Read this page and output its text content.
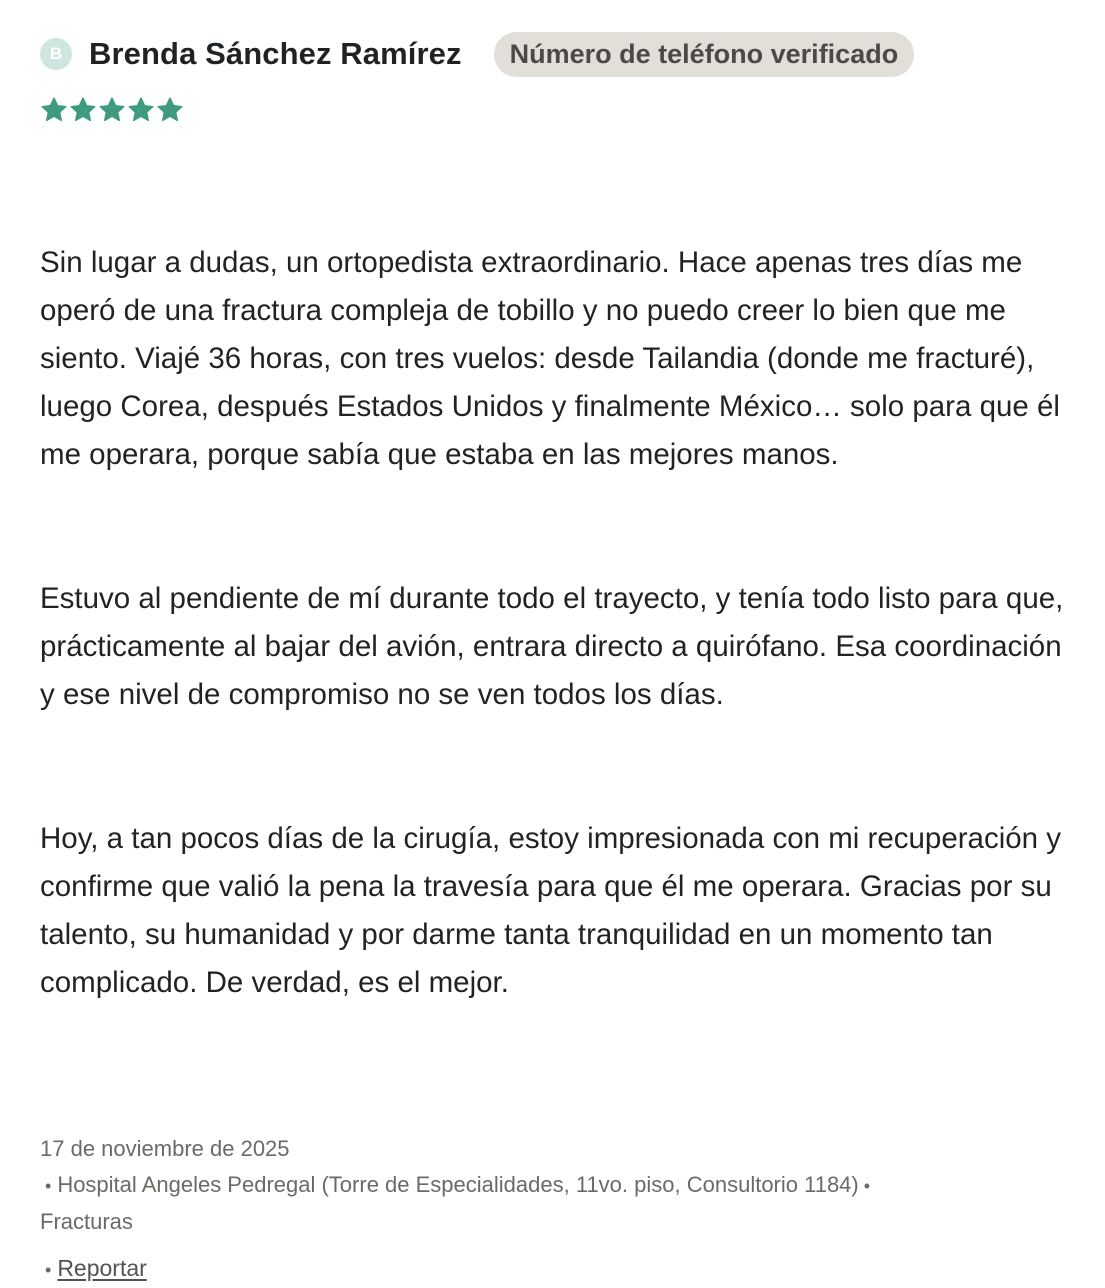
B Brenda Sánchez Ramírez	Número de teléfono verificado

Sin lugar a dudas, un ortopedista extraordinario. Hace apenas tres días me operó de una fractura compleja de tobillo y no puedo creer lo bien que me siento. Viajé 36 horas, con tres vuelos: desde Tailandia (donde me fracturé), luego Corea, después Estados Unidos y finalmente México… solo para que él me operara, porque sabía que estaba en las mejores manos.

Estuvo al pendiente de mí durante todo el trayecto, y tenía todo listo para que, prácticamente al bajar del avión, entrara directo a quirófano. Esa coordinación y ese nivel de compromiso no se ven todos los días.

Hoy, a tan pocos días de la cirugía, estoy impresionada con mi recuperación y confirme que valió la pena la travesía para que él me operara. Gracias por su talento, su humanidad y por darme tanta tranquilidad en un momento tan complicado. De verdad, es el mejor.

17 de noviembre de 2025
• Hospital Angeles Pedregal (Torre de Especialidades, 11vo. piso, Consultorio 1184) •
Fracturas
• Reportar
